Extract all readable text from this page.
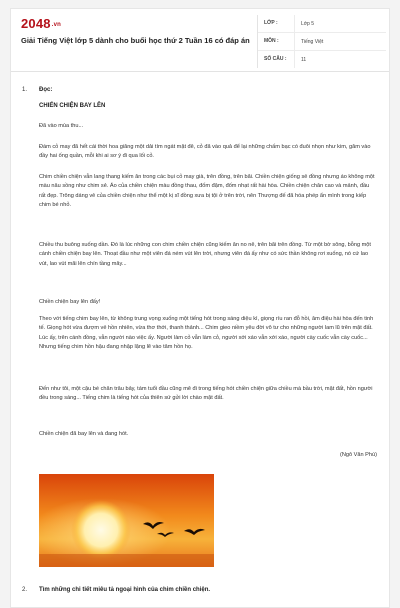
2048.vn
Giải Tiếng Việt lớp 5 dành cho buổi học thứ 2 Tuần 16 có đáp án
LỚP :	Lớp 5
MÔN :	Tiếng Việt
SỐ CÂU :	11
1. Đọc:
CHIẾN CHIỆN BAY LÊN
Đã vào mùa thu...
Đám cỏ may đã hết cái thời hoa giăng một dải tím ngát mặt đê, cỏ đã vào quả để lại những chấm bạc có đuôi nhọn như kim, găm vào đầy hai ống quần, mỗi khi ai sơ ý đi qua lối cỏ.
Chim chiền chiện vẫn lang thang kiếm ăn trong các bụi cỏ may già, trên đồng, trên bãi. Chiền chiện giống sẻ đồng nhưng áo không một màu nâu sồng như chim sẻ. Áo của chiền chiện màu đồng thau, đốm đậm, đốm nhạt rất hài hòa. Chiền chiện chân cao và mảnh, đầu rất đẹp. Trông dáng vẻ của chiền chiện như thể một kị sĩ đồng xưa bị tội ở trên trời, nên Thượng đế đã hóa phép ẩn mình trong kiếp chim bé nhỏ.
Chiều thu buông xuống dần. Đó là lúc những con chim chiền chiện cũng kiếm ăn no nê, trên bãi trên đồng. Từ một bờ sông, bỗng một cánh chiền chiện bay lên. Thoạt đầu như một viên đá ném vút lên trời, nhưng viên đá ấy như có sức thần không rơi xuống, nó cứ lao vút, lao vút mãi lên chín tầng mây...
Chiền chiện bay lên đấy!
Theo với tiếng chim bay lên, từ không trung vọng xuống một tiếng hót trong sáng diệu kì, giọng ríu ran đỗ hồi, âm điệu hài hòa đến tinh tế. Giọng hót vừa đượm vẻ hồn nhiên, vừa thơ thới, thanh thảnh... Chim gieo niềm yêu đời vô tư cho những người lam lũ trên mặt đất. Lúc ấy, trên cánh đồng, vẫn người nào việc ấy. Người làm cỏ vẫn làm cỏ, người xới xáo vẫn xới xáo, người cày cuốc vẫn cày cuốc... Nhưng tiếng chim hồn hậu đang nhập lặng lẽ vào tâm hồn họ.
Đến như tôi, một cậu bé chăn trâu bảy, tám tuổi đầu cũng mê đi trong tiếng hót chiền chiện giữa chiều mà bầu trời, mặt đất, hồn người đều trong sáng... Tiếng chim là tiếng hót của thiên sứ gửi lời chào mặt đất.
Chiền chiện đã bay lên và đang hót.
(Ngô Văn Phú)
2. Tìm những chi tiết miêu tả ngoại hình của chim chiền chiện.
